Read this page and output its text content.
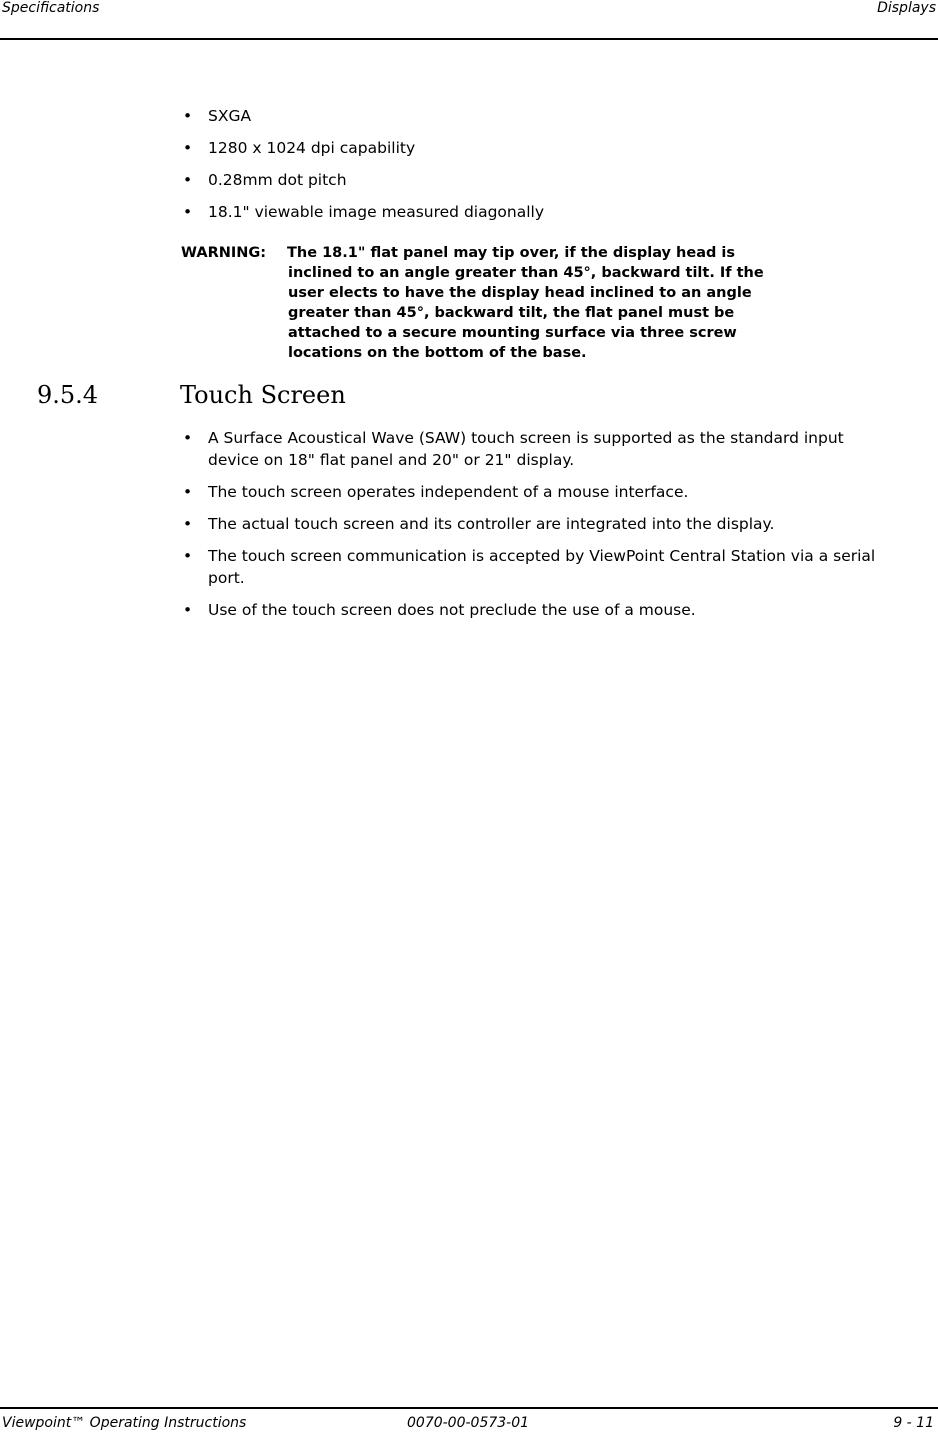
Specifications	Displays
• SXGA
• 1280 x 1024 dpi capability
• 0.28mm dot pitch
• 18.1" viewable image measured diagonally
WARNING: The 18.1" flat panel may tip over, if the display head is inclined to an angle greater than 45°, backward tilt. If the user elects to have the display head inclined to an angle greater than 45°, backward tilt, the flat panel must be attached to a secure mounting surface via three screw locations on the bottom of the base.
9.5.4	Touch Screen
• A Surface Acoustical Wave (SAW) touch screen is supported as the standard input device on 18" flat panel and 20" or 21" display.
• The touch screen operates independent of a mouse interface.
• The actual touch screen and its controller are integrated into the display.
• The touch screen communication is accepted by ViewPoint Central Station via a serial port.
• Use of the touch screen does not preclude the use of a mouse.
Viewpoint™ Operating Instructions	0070-00-0573-01	9 - 11
